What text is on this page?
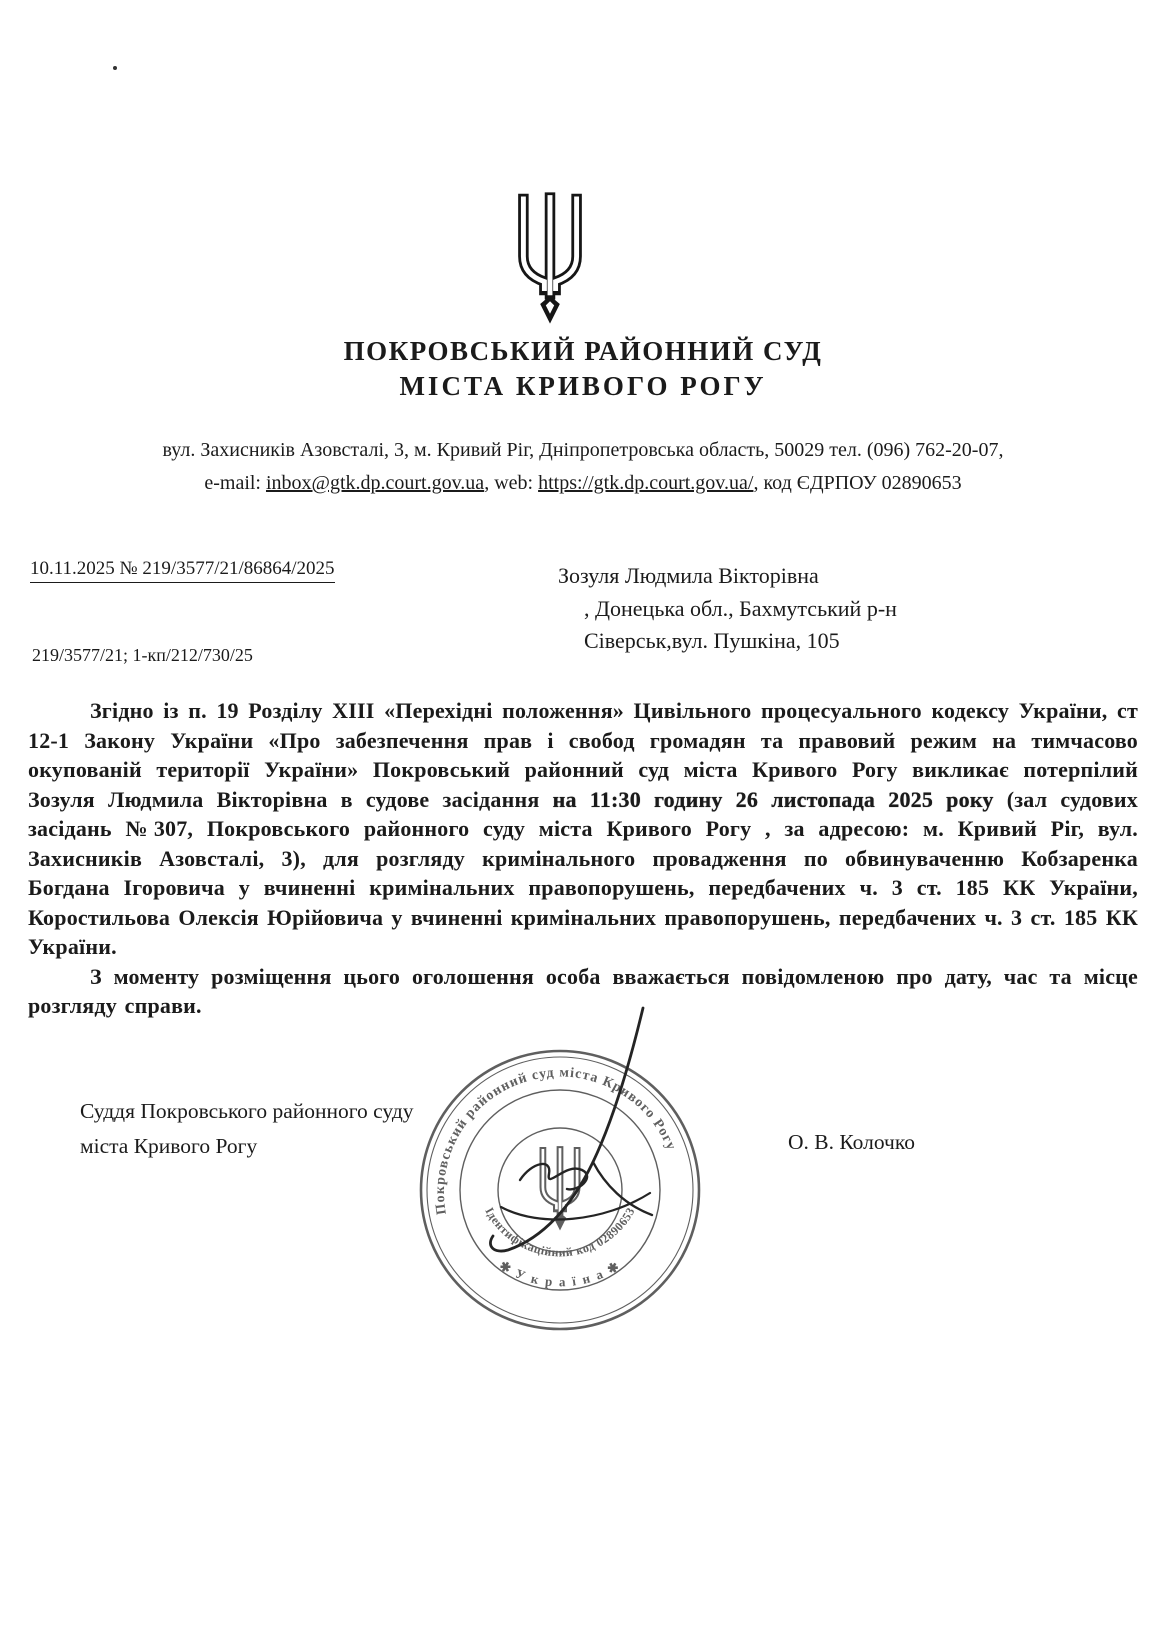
ПОКРОВСЬКИЙ РАЙОННИЙ СУД
МІСТА КРИВОГО РОГУ
вул. Захисників Азовсталі, 3, м. Кривий Ріг, Дніпропетровська область, 50029 тел. (096) 762-20-07,
e-mail: inbox@gtk.dp.court.gov.ua, web: https://gtk.dp.court.gov.ua/, код ЄДРПОУ 02890653
10.11.2025 № 219/3577/21/86864/2025	Зозуля Людмила Вікторівна
, Донецька обл., Бахмутський р-н
Сіверськ,вул. Пушкіна, 105
219/3577/21; 1-кп/212/730/25

Згідно із п. 19 Розділу XIII «Перехідні положення» Цивільного процесуального кодексу України, ст 12-1 Закону України «Про забезпечення прав і свобод громадян та правовий режим на тимчасово окупованій території України» Покровський районний суд міста Кривого Рогу викликає потерпілий Зозуля Людмила Вікторівна в судове засідання на 11:30 годину 26 листопада 2025 року (зал судових засідань №307, Покровського районного суду міста Кривого Рогу , за адресою: м. Кривий Ріг, вул. Захисників Азовсталі, 3), для розгляду кримінального провадження по обвинуваченню Кобзаренка Богдана Ігоровича у вчиненні кримінальних правопорушень, передбачених ч. 3 ст. 185 КК України, Коростильова Олексія Юрійовича у вчиненні кримінальних правопорушень, передбачених ч. 3 ст. 185 КК України.

З моменту розміщення цього оголошення особа вважається повідомленою про дату, час та місце розгляду справи.

Суддя Покровського районного суду
міста Кривого Рогу	О. В. Колочко
Покровський районний суд міста Кривого Рогу
✱ У к р а ї н а ✱
Ідентифікаційний код 02890653
